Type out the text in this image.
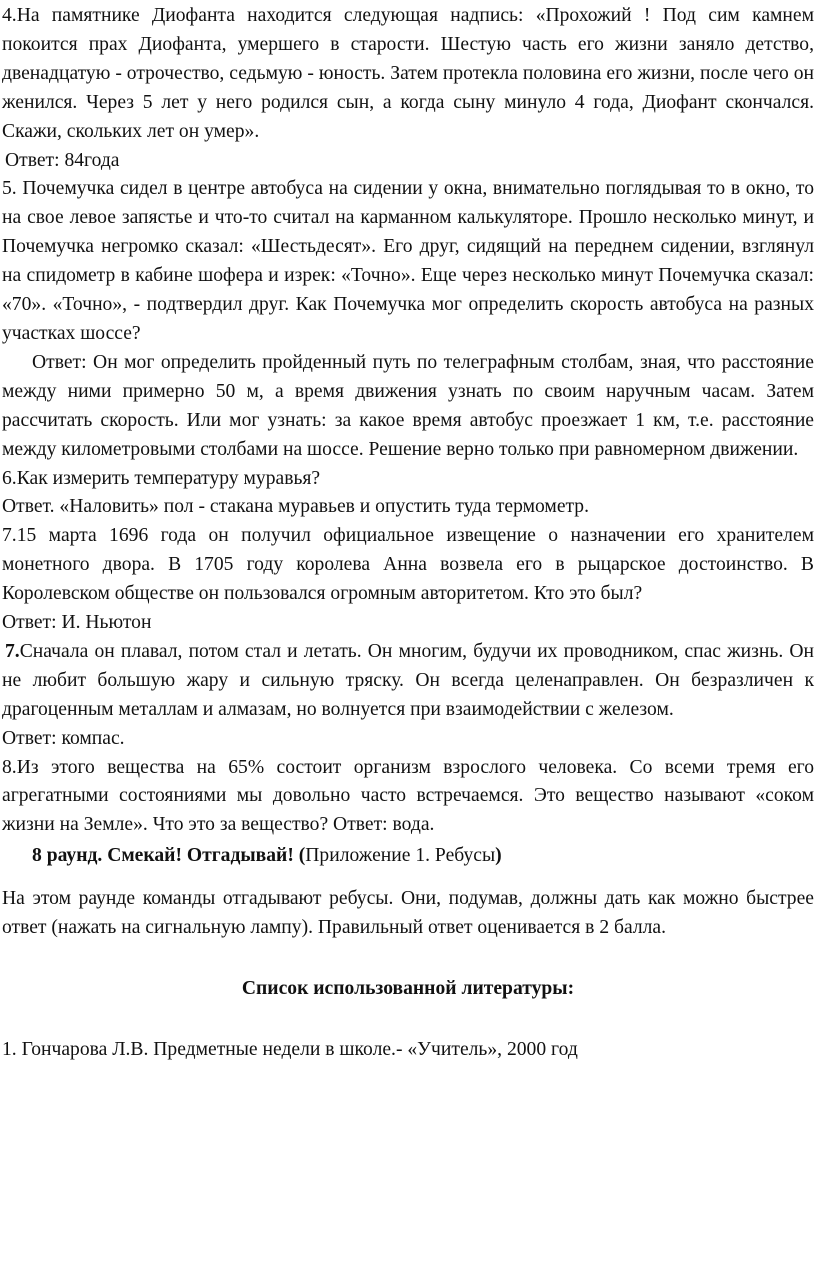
4.На памятнике Диофанта находится следующая надпись: «Прохожий ! Под сим камнем покоится прах Диофанта, умершего в старости. Шестую часть его жизни заняло детство, двенадцатую - отрочество, седьмую - юность. Затем протекла половина его жизни, после чего он женился. Через 5 лет у него родился сын, а когда сыну минуло 4 года, Диофант скончался. Скажи, скольких лет он умер».

Ответ: 84года

5. Почемучка сидел в центре автобуса на сидении у окна, внимательно поглядывая то в окно, то на свое левое запястье и что-то считал на карманном калькуляторе. Прошло несколько минут, и Почемучка негромко сказал: «Шестьдесят». Его друг, сидящий на переднем сидении, взглянул на спидометр в кабине шофера и изрек: «Точно». Еще через несколько минут Почемучка сказал: «70». «Точно», - подтвердил друг. Как Почемучка мог определить скорость автобуса на разных участках шоссе?

Ответ: Он мог определить пройденный путь по телеграфным столбам, зная, что расстояние между ними примерно 50 м, а время движения узнать по своим наручным часам. Затем рассчитать скорость. Или мог узнать: за какое время автобус проезжает 1 км, т.е. расстояние между километровыми столбами на шоссе. Решение верно только при равномерном движении.

6.Как измерить температуру муравья?

Ответ. «Наловить» пол - стакана муравьев и опустить туда термометр.

7.15 марта 1696 года он получил официальное извещение о назначении его хранителем монетного двора. В 1705 году королева Анна возвела его в рыцарское достоинство. В Королевском обществе он пользовался огромным авторитетом. Кто это был?

Ответ: И. Ньютон

7.Сначала он плавал, потом стал и летать. Он многим, будучи их проводником, спас жизнь. Он не любит большую жару и сильную тряску. Он всегда целенаправлен. Он безразличен к драгоценным металлам и алмазам, но волнуется при взаимодействии с железом.

Ответ: компас.

8.Из этого вещества на 65% состоит организм взрослого человека. Со всеми тремя его агрегатными состояниями мы довольно часто встречаемся. Это вещество называют «соком жизни на Земле». Что это за вещество? Ответ: вода.

8 раунд. Смекай! Отгадывай! (Приложение 1. Ребусы)

На этом раунде команды отгадывают ребусы. Они, подумав, должны дать как можно быстрее ответ (нажать на сигнальную лампу). Правильный ответ оценивается в 2 балла.

Список использованной литературы:

1. Гончарова Л.В. Предметные недели в школе.- «Учитель», 2000 год
